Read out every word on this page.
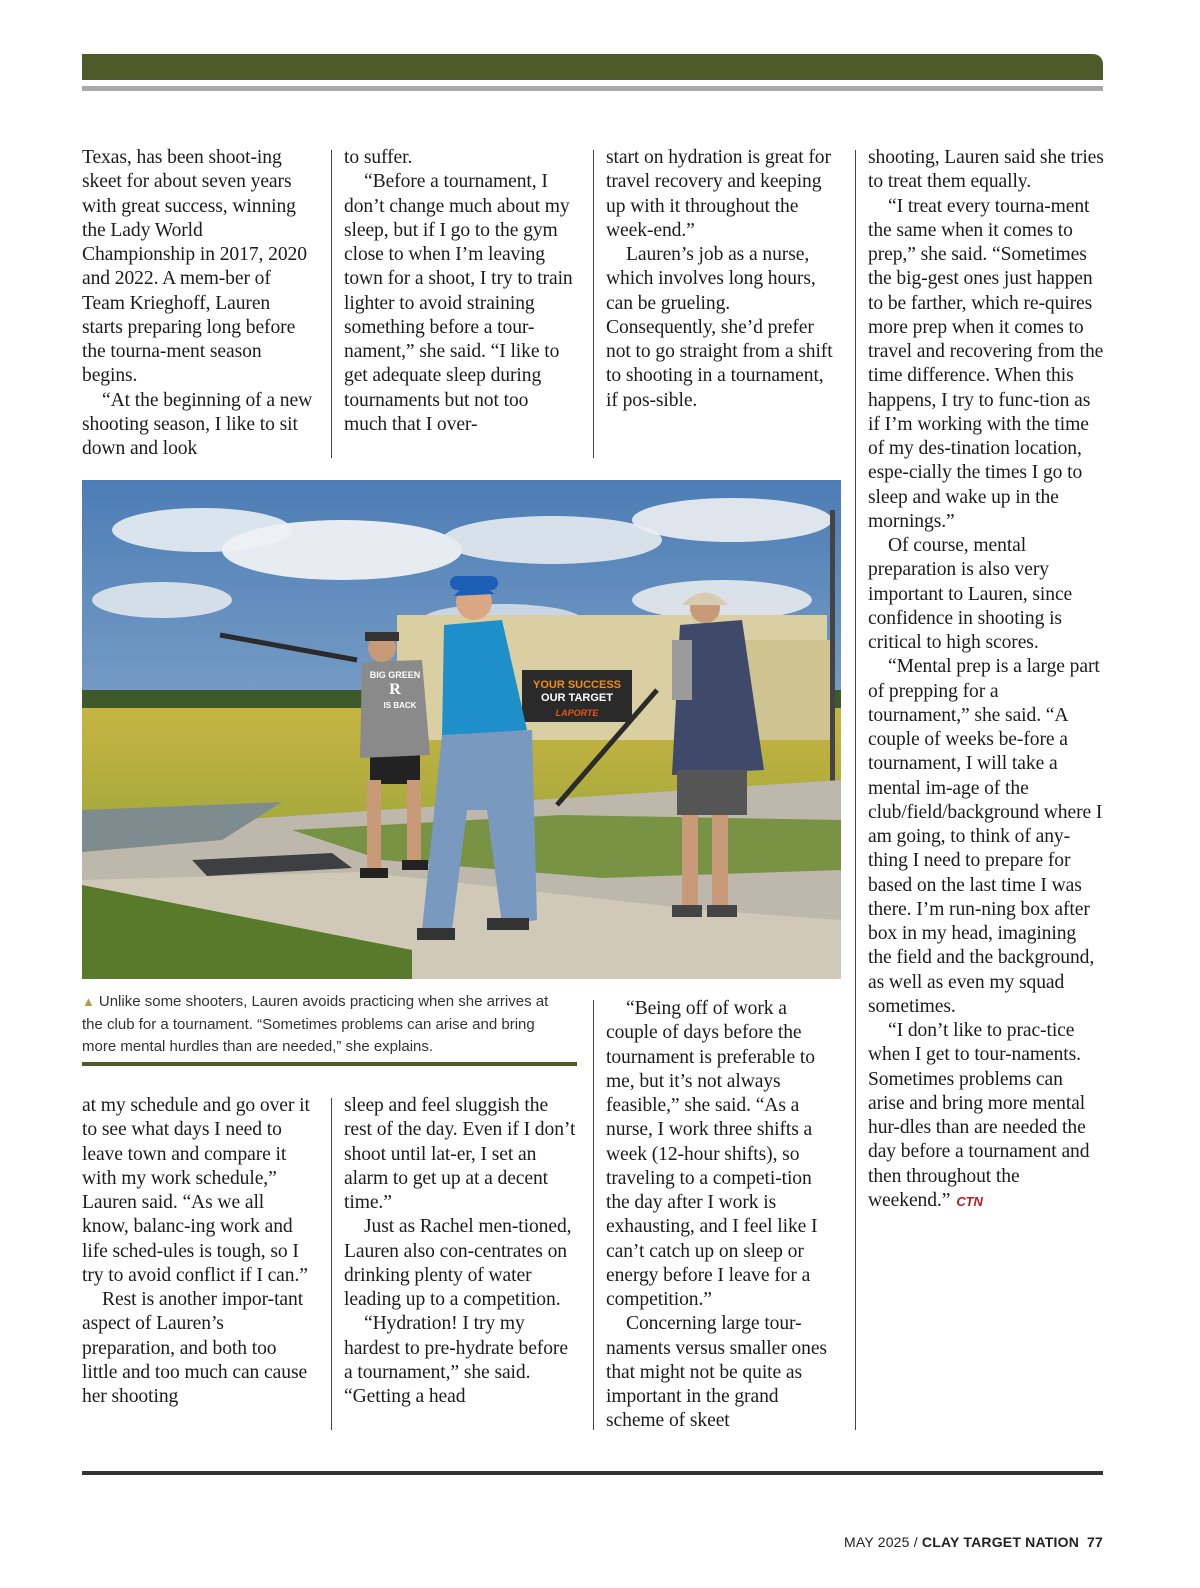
Texas, has been shoot-ing skeet for about seven years with great success, winning the Lady World Championship in 2017, 2020 and 2022. A mem-ber of Team Krieghoff, Lauren starts preparing long before the tourna-ment season begins.

“At the beginning of a new shooting season, I like to sit down and look

to suffer.

“Before a tournament, I don’t change much about my sleep, but if I go to the gym close to when I’m leaving town for a shoot, I try to train lighter to avoid straining something before a tour-nament,” she said. “I like to get adequate sleep during tournaments but not too much that I over-

start on hydration is great for travel recovery and keeping up with it throughout the week-end.”

Lauren’s job as a nurse, which involves long hours, can be grueling. Consequently, she’d prefer not to go straight from a shift to shooting in a tournament, if pos-sible.

shooting, Lauren said she tries to treat them equally.

“I treat every tourna-ment the same when it comes to prep,” she said. “Sometimes the big-gest ones just happen to be farther, which re-quires more prep when it comes to travel and recovering from the time difference. When this happens, I try to func-tion as if I’m working with the time of my des-tination location, espe-cially the times I go to sleep and wake up in the mornings.”

Of course, mental preparation is also very important to Lauren, since confidence in shooting is critical to high scores.

“Mental prep is a large part of prepping for a tournament,” she said. “A couple of weeks be-fore a tournament, I will take a mental im-age of the club/field/background where I am going, to think of any-thing I need to prepare for based on the last time I was there. I’m run-ning box after box in my head, imagining the field and the background, as well as even my squad sometimes.

“I don’t like to prac-tice when I get to tour-naments. Sometimes problems can arise and bring more mental hur-dles than are needed the day before a tournament and then throughout the weekend.” CTN

YOUR SUCCESS
OUR TARGET
LAPORTE
BIG GREEN
R
IS BACK
▲ Unlike some shooters, Lauren avoids practicing when she arrives at the club for a tournament. “Sometimes problems can arise and bring more mental hurdles than are needed,” she explains.

at my schedule and go over it to see what days I need to leave town and compare it with my work schedule,” Lauren said. “As we all know, balanc-ing work and life sched-ules is tough, so I try to avoid conflict if I can.”

Rest is another impor-tant aspect of Lauren’s preparation, and both too little and too much can cause her shooting

sleep and feel sluggish the rest of the day. Even if I don’t shoot until lat-er, I set an alarm to get up at a decent time.”

Just as Rachel men-tioned, Lauren also con-centrates on drinking plenty of water leading up to a competition.

“Hydration! I try my hardest to pre-hydrate before a tournament,” she said. “Getting a head

“Being off of work a couple of days before the tournament is preferable to me, but it’s not always feasible,” she said. “As a nurse, I work three shifts a week (12-hour shifts), so traveling to a competi-tion the day after I work is exhausting, and I feel like I can’t catch up on sleep or energy before I leave for a competition.”

Concerning large tour-naments versus smaller ones that might not be quite as important in the grand scheme of skeet

MAY 2025 / CLAY TARGET NATION 77
